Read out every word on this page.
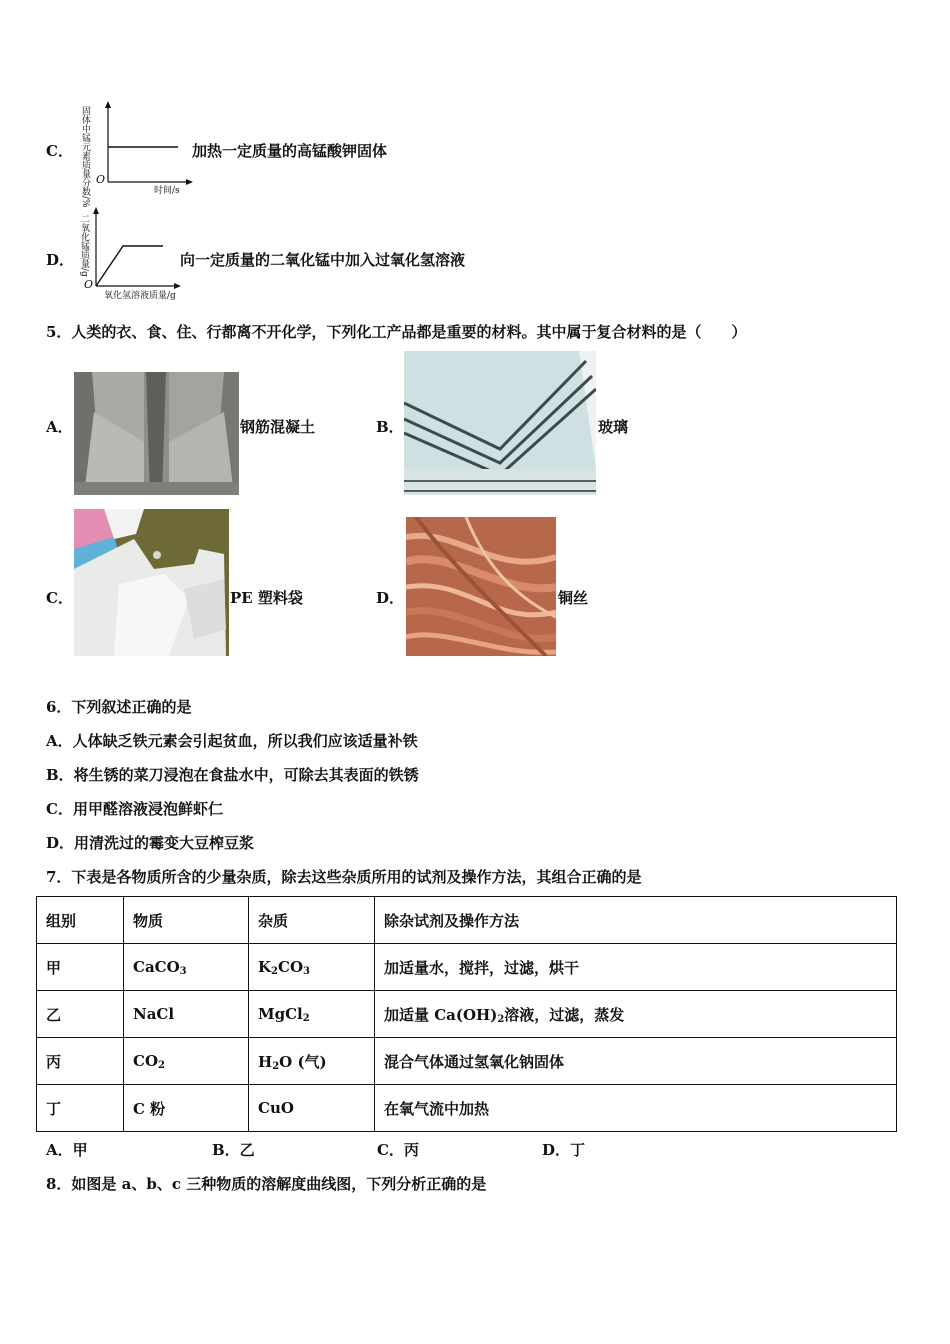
C． 固体中锰元素质量分数/%	时间/s
O
加热一定质量的高锰酸钾固体
D． 二氧化锰质量/g
氧化氢溶液质量/g
O
向一定质量的二氧化锰中加入过氧化氢溶液
5．人类的衣、食、住、行都离不开化学，下列化工产品都是重要的材料。其中属于复合材料的是（　　）
A．	钢筋混凝土	B．	玻璃
C．	PE 塑料袋	D．	铜丝
6．下列叙述正确的是
A．人体缺乏铁元素会引起贫血，所以我们应该适量补铁
B．将生锈的菜刀浸泡在食盐水中，可除去其表面的铁锈
C．用甲醛溶液浸泡鲜虾仁
D．用清洗过的霉变大豆榨豆浆
7．下表是各物质所含的少量杂质，除去这些杂质所用的试剂及操作方法，其组合正确的是
组别	物质	杂质	除杂试剂及操作方法
甲	CaCO$_3$	$K_2CO_3$	加适量水，搅拌，过滤，烘干
乙	NaCl	MgCl$_2$	加适量 $Ca(OH)_2$溶液，过滤，蒸发
丙	$CO_2$	$H_2O$ (气)	混合气体通过氢氧化钠固体
丁	C 粉	CuO	在氧气流中加热
A．甲	B．乙	C．丙	D．丁
8．如图是 a、b、c 三种物质的溶解度曲线图，下列分析正确的是
